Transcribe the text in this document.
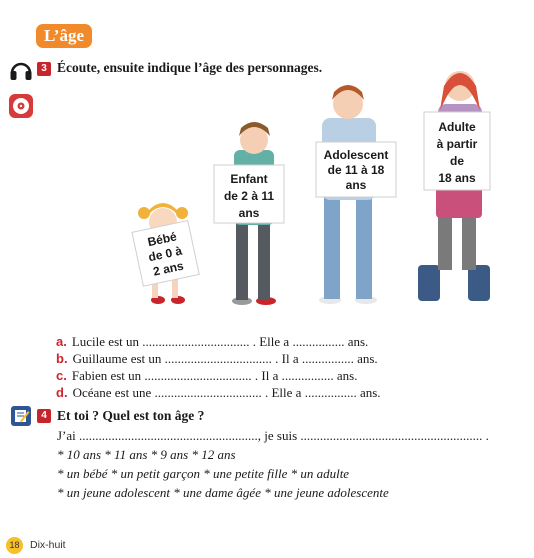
L’âge
3 Écoute, ensuite indique l’âge des personnages.
Bébé
de 0 à
2 ans
Enfant
de 2 à 11
ans
Adolescent
de 11 à 18
ans
Adulte
à partir
de
18 ans
a. Lucile est un ................................. . Elle a ................ ans.
b. Guillaume est un ................................. . Il a ................ ans.
c. Fabien est un ................................. . Il a ................ ans.
d. Océane est une ................................. . Elle a ................ ans.
4 Et toi ? Quel est ton âge ?
J’ai ......................................................., je suis ........................................................ .
* 10 ans * 11 ans * 9 ans * 12 ans
* un bébé * un petit garçon * une petite fille * un adulte
* un jeune adolescent * une dame âgée * une jeune adolescente
18	Dix-huit
